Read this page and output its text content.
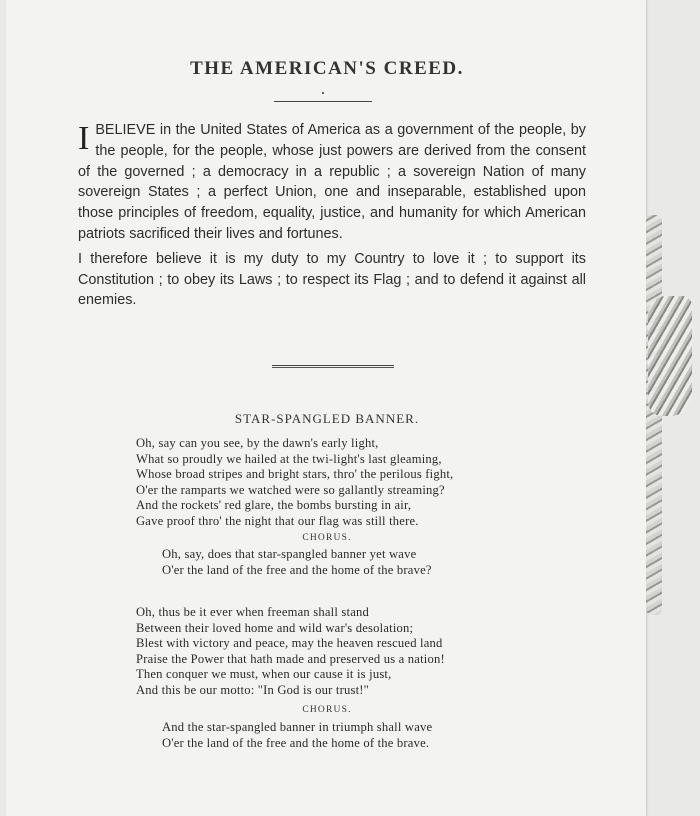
THE AMERICAN'S CREED.

IBELIEVE in the United States of America as a government of the people, by the people, for the people, whose just powers are derived from the consent of the governed ; a democracy in a republic ; a sovereign Nation of many sovereign States ; a perfect Union, one and inseparable, established upon those principles of freedom, equality, justice, and humanity for which American patriots sacrificed their lives and fortunes.

I therefore believe it is my duty to my Country to love it ; to support its Constitution ; to obey its Laws ; to respect its Flag ; and to defend it against all enemies.

STAR-SPANGLED BANNER.
Oh, say can you see, by the dawn's early light,
What so proudly we hailed at the twi-light's last gleaming,
Whose broad stripes and bright stars, thro' the perilous fight,
O'er the ramparts we watched were so gallantly streaming?
And the rockets' red glare, the bombs bursting in air,
Gave proof thro' the night that our flag was still there.
CHORUS.
Oh, say, does that star-spangled banner yet wave
O'er the land of the free and the home of the brave?
Oh, thus be it ever when freeman shall stand
Between their loved home and wild war's desolation;
Blest with victory and peace, may the heaven rescued land
Praise the Power that hath made and preserved us a nation!
Then conquer we must, when our cause it is just,
And this be our motto: "In God is our trust!"
CHORUS.
And the star-spangled banner in triumph shall wave
O'er the land of the free and the home of the brave.
